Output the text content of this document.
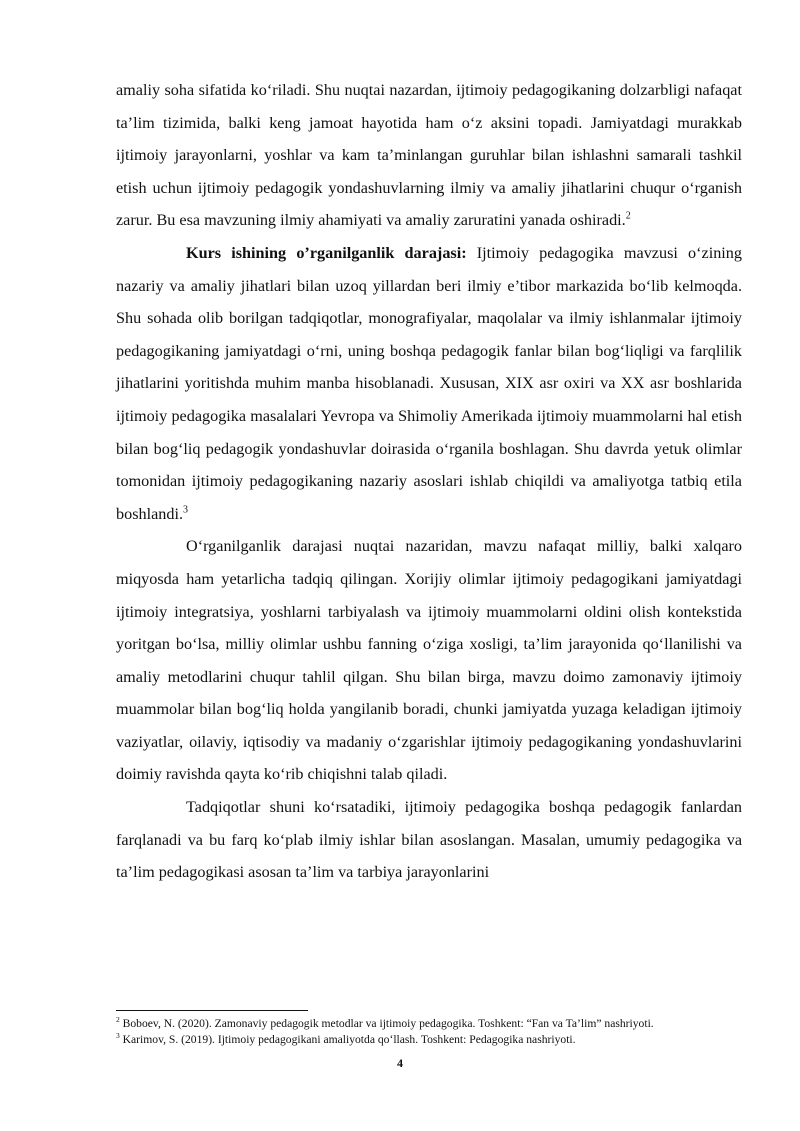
amaliy soha sifatida ko‘riladi. Shu nuqtai nazardan, ijtimoiy pedagogikaning dolzarbligi nafaqat ta’lim tizimida, balki keng jamoat hayotida ham o‘z aksini topadi. Jamiyatdagi murakkab ijtimoiy jarayonlarni, yoshlar va kam ta’minlangan guruhlar bilan ishlashni samarali tashkil etish uchun ijtimoiy pedagogik yondashuvlarning ilmiy va amaliy jihatlarini chuqur o‘rganish zarur. Bu esa mavzuning ilmiy ahamiyati va amaliy zaruratini yanada oshiradi.$^2$

Kurs ishining o’rganilganlik darajasi: Ijtimoiy pedagogika mavzusi o‘zining nazariy va amaliy jihatlari bilan uzoq yillardan beri ilmiy e’tibor markazida bo‘lib kelmoqda. Shu sohada olib borilgan tadqiqotlar, monografiyalar, maqolalar va ilmiy ishlanmalar ijtimoiy pedagogikaning jamiyatdagi o‘rni, uning boshqa pedagogik fanlar bilan bog‘liqligi va farqlilik jihatlarini yoritishda muhim manba hisoblanadi. Xususan, XIX asr oxiri va XX asr boshlarida ijtimoiy pedagogika masalalari Yevropa va Shimoliy Amerikada ijtimoiy muammolarni hal etish bilan bog‘liq pedagogik yondashuvlar doirasida o‘rganila boshlagan. Shu davrda yetuk olimlar tomonidan ijtimoiy pedagogikaning nazariy asoslari ishlab chiqildi va amaliyotga tatbiq etila boshlandi.$^3$

O‘rganilganlik darajasi nuqtai nazaridan, mavzu nafaqat milliy, balki xalqaro miqyosda ham yetarlicha tadqiq qilingan. Xorijiy olimlar ijtimoiy pedagogikani jamiyatdagi ijtimoiy integratsiya, yoshlarni tarbiyalash va ijtimoiy muammolarni oldini olish kontekstida yoritgan bo‘lsa, milliy olimlar ushbu fanning o‘ziga xosligi, ta’lim jarayonida qo‘llanilishi va amaliy metodlarini chuqur tahlil qilgan. Shu bilan birga, mavzu doimo zamonaviy ijtimoiy muammolar bilan bog‘liq holda yangilanib boradi, chunki jamiyatda yuzaga keladigan ijtimoiy vaziyatlar, oilaviy, iqtisodiy va madaniy o‘zgarishlar ijtimoiy pedagogikaning yondashuvlarini doimiy ravishda qayta ko‘rib chiqishni talab qiladi.

Tadqiqotlar shuni ko‘rsatadiki, ijtimoiy pedagogika boshqa pedagogik fanlardan farqlanadi va bu farq ko‘plab ilmiy ishlar bilan asoslangan. Masalan, umumiy pedagogika va ta’lim pedagogikasi asosan ta’lim va tarbiya jarayonlarini

$^2$ Boboev, N. (2020). Zamonaviy pedagogik metodlar va ijtimoiy pedagogika. Toshkent: “Fan va Ta’lim” nashriyoti.

$^3$ Karimov, S. (2019). Ijtimoiy pedagogikani amaliyotda qo‘llash. Toshkent: Pedagogika nashriyoti.

4
